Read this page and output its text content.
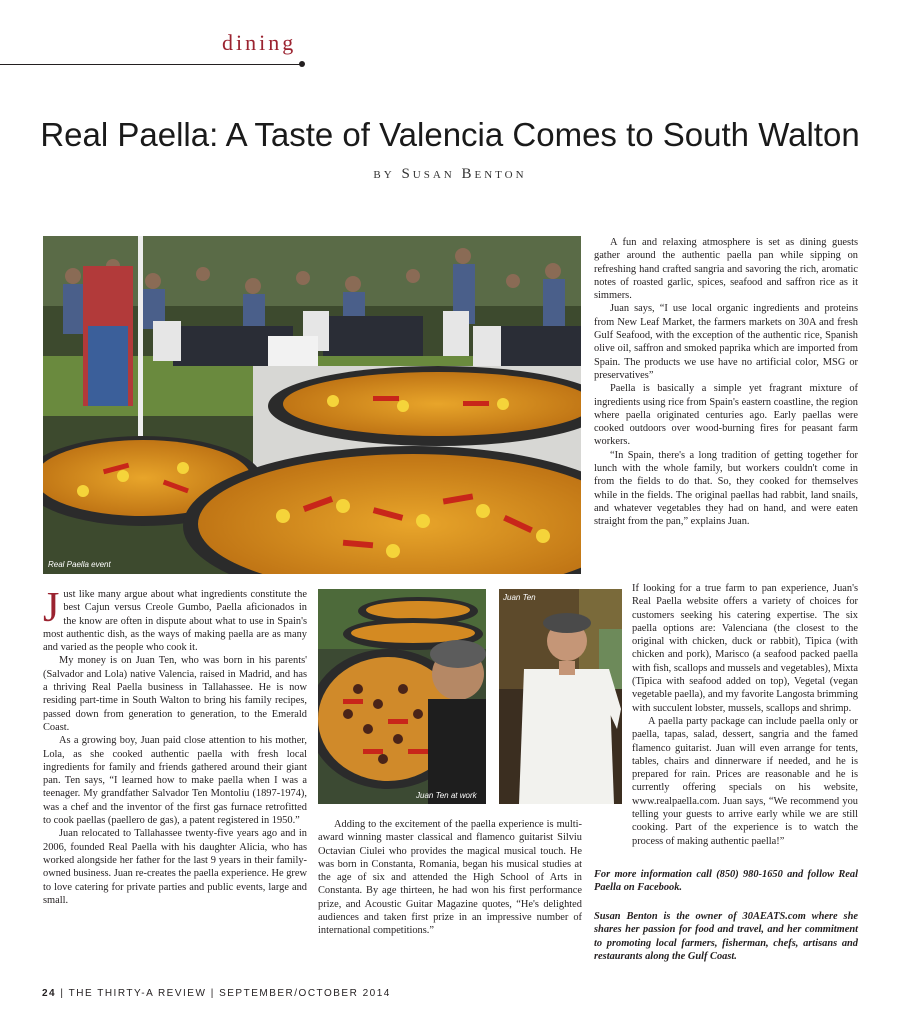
dining
Real Paella: A Taste of Valencia Comes to South Walton
by Susan Benton
Real Paella event
Juan Ten at work
Juan Ten

Just like many argue about what ingredients constitute the best Cajun versus Creole Gumbo, Paella aficionados in the know are often in dispute about what to use in Spain's most authentic dish, as the ways of making paella are as many and varied as the people who cook it.

My money is on Juan Ten, who was born in his parents' (Salvador and Lola) native Valencia, raised in Madrid, and has a thriving Real Paella business in Tallahassee. He is now residing part-time in South Walton to bring his family recipes, passed down from generation to generation, to the Emerald Coast.

As a growing boy, Juan paid close attention to his mother, Lola, as she cooked authentic paella with fresh local ingredients for family and friends gathered around their giant pan. Ten says, “I learned how to make paella when I was a teenager. My grandfather Salvador Ten Montoliu (1897-1974), was a chef and the inventor of the first gas furnace retrofitted to cook paellas (paellero de gas), a patent registered in 1950.”

Juan relocated to Tallahassee twenty-five years ago and in 2006, founded Real Paella with his daughter Alicia, who has worked alongside her father for the last 9 years in their family-owned business. Juan re-creates the paella experience. He grew to love catering for private parties and public events, large and small.

Adding to the excitement of the paella experience is multi-award winning master classical and flamenco guitarist Silviu Octavian Ciulei who provides the magical musical touch. He was born in Constanta, Romania, began his musical studies at the age of six and attended the High School of Arts in Constanta. By age thirteen, he had won his first performance prize, and Acoustic Guitar Magazine quotes, “He's delighted audiences and taken first prize in an impressive number of international competitions.”

A fun and relaxing atmosphere is set as dining guests gather around the authentic paella pan while sipping on refreshing hand crafted sangria and savoring the rich, aromatic notes of roasted garlic, spices, seafood and saffron rice as it simmers.

Juan says, “I use local organic ingredients and proteins from New Leaf Market, the farmers markets on 30A and fresh Gulf Seafood, with the exception of the authentic rice, Spanish olive oil, saffron and smoked paprika which are imported from Spain. The products we use have no artificial color, MSG or preservatives”

Paella is basically a simple yet fragrant mixture of ingredients using rice from Spain's eastern coastline, the region where paella originated centuries ago. Early paellas were cooked outdoors over wood-burning fires for peasant farm workers.

“In Spain, there's a long tradition of getting together for lunch with the whole family, but workers couldn't come in from the fields to do that. So, they cooked for themselves while in the fields. The original paellas had rabbit, land snails, and whatever vegetables they had on hand, and were eaten straight from the pan,” explains Juan.

If looking for a true farm to pan experience, Juan's Real Paella website offers a variety of choices for customers seeking his catering expertise. The six paella options are: Valenciana (the closest to the original with chicken, duck or rabbit), Tipica (with chicken and pork), Marisco (a seafood packed paella with fish, scallops and mussels and vegetables), Mixta (Tipica with seafood added on top), Vegetal (vegan vegetable paella), and my favorite Langosta brimming with succulent lobster, mussels, scallops and shrimp.

A paella party package can include paella only or paella, tapas, salad, dessert, sangria and the famed flamenco guitarist. Juan will even arrange for tents, tables, chairs and dinnerware if needed, and he is prepared for rain. Prices are reasonable and he is currently offering specials on his website, www.realpaella.com. Juan says, “We recommend you telling your guests to arrive early while we are still cooking. Part of the experience is to watch the process of making authentic paella!”

For more information call (850) 980-1650 and follow Real Paella on Facebook.

Susan Benton is the owner of 30AEATS.com where she shares her passion for food and travel, and her commitment to promoting local farmers, fisherman, chefs, artisans and restaurants along the Gulf Coast.

24 | THE THIRTY-A REVIEW | SEPTEMBER/OCTOBER 2014
